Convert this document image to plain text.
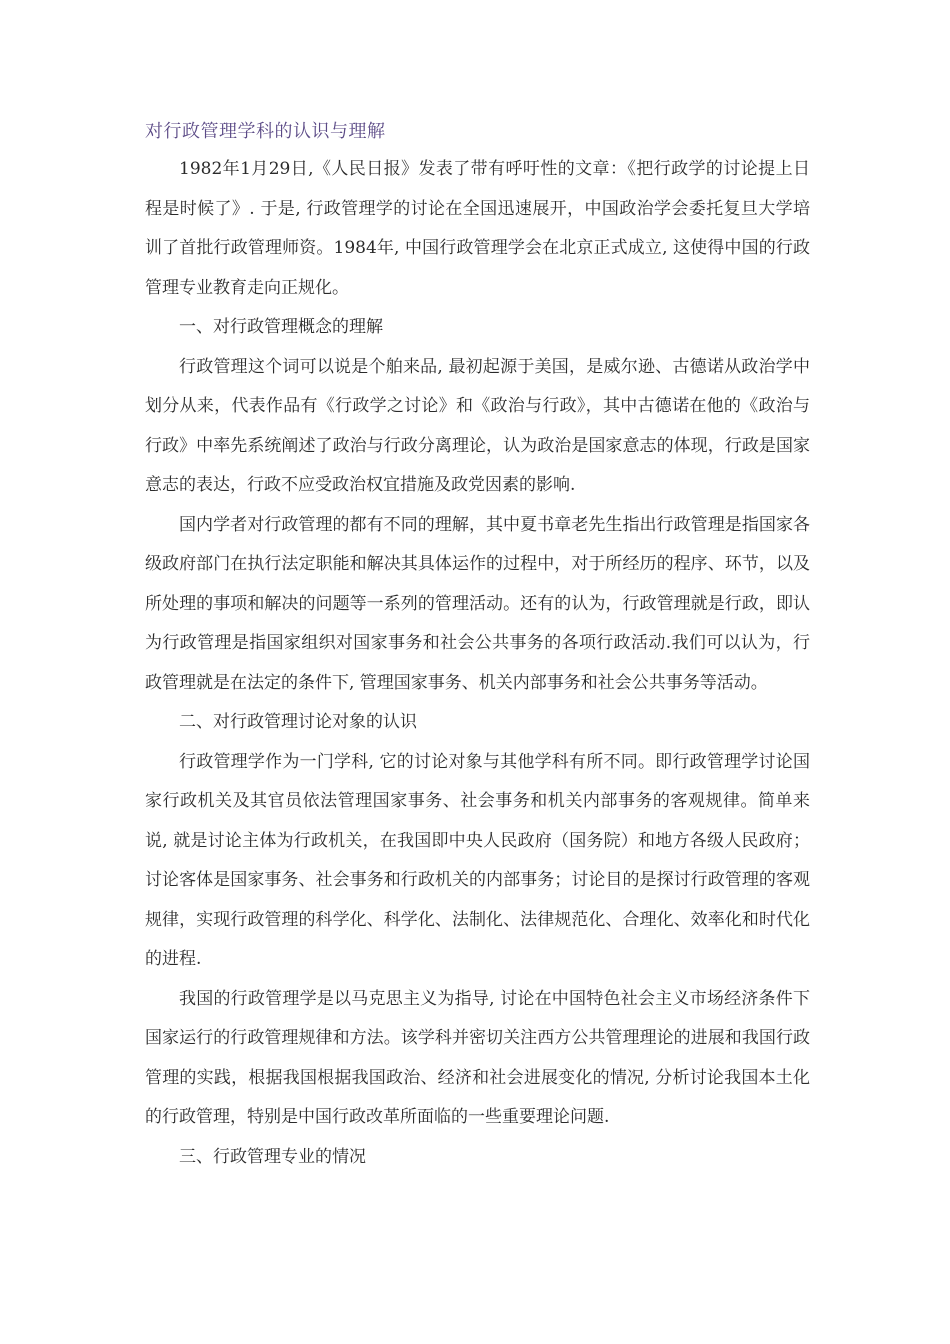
对行政管理学科的认识与理解

1982年1月29日,《人民日报》发表了带有呼吁性的文章：《把行政学的讨论提上日程是时候了》. 于是, 行政管理学的讨论在全国迅速展开，中国政治学会委托复旦大学培训了首批行政管理师资。1984年, 中国行政管理学会在北京正式成立, 这使得中国的行政管理专业教育走向正规化。

一、对行政管理概念的理解

行政管理这个词可以说是个舶来品, 最初起源于美国，是威尔逊、古德诺从政治学中划分从来，代表作品有《行政学之讨论》和《政治与行政》，其中古德诺在他的《政治与行政》中率先系统阐述了政治与行政分离理论，认为政治是国家意志的体现，行政是国家意志的表达，行政不应受政治权宜措施及政党因素的影响.

国内学者对行政管理的都有不同的理解，其中夏书章老先生指出行政管理是指国家各级政府部门在执行法定职能和解决其具体运作的过程中，对于所经历的程序、环节，以及所处理的事项和解决的问题等一系列的管理活动。还有的认为，行政管理就是行政，即认为行政管理是指国家组织对国家事务和社会公共事务的各项行政活动.我们可以认为，行政管理就是在法定的条件下, 管理国家事务、机关内部事务和社会公共事务等活动。

二、对行政管理讨论对象的认识

行政管理学作为一门学科, 它的讨论对象与其他学科有所不同。即行政管理学讨论国家行政机关及其官员依法管理国家事务、社会事务和机关内部事务的客观规律。简单来说, 就是讨论主体为行政机关，在我国即中央人民政府（国务院）和地方各级人民政府；讨论客体是国家事务、社会事务和行政机关的内部事务；讨论目的是探讨行政管理的客观规律，实现行政管理的科学化、科学化、法制化、法律规范化、合理化、效率化和时代化的进程.

我国的行政管理学是以马克思主义为指导, 讨论在中国特色社会主义市场经济条件下国家运行的行政管理规律和方法。该学科并密切关注西方公共管理理论的进展和我国行政管理的实践，根据我国根据我国政治、经济和社会进展变化的情况, 分析讨论我国本土化的行政管理，特别是中国行政改革所面临的一些重要理论问题.

三、行政管理专业的情况
